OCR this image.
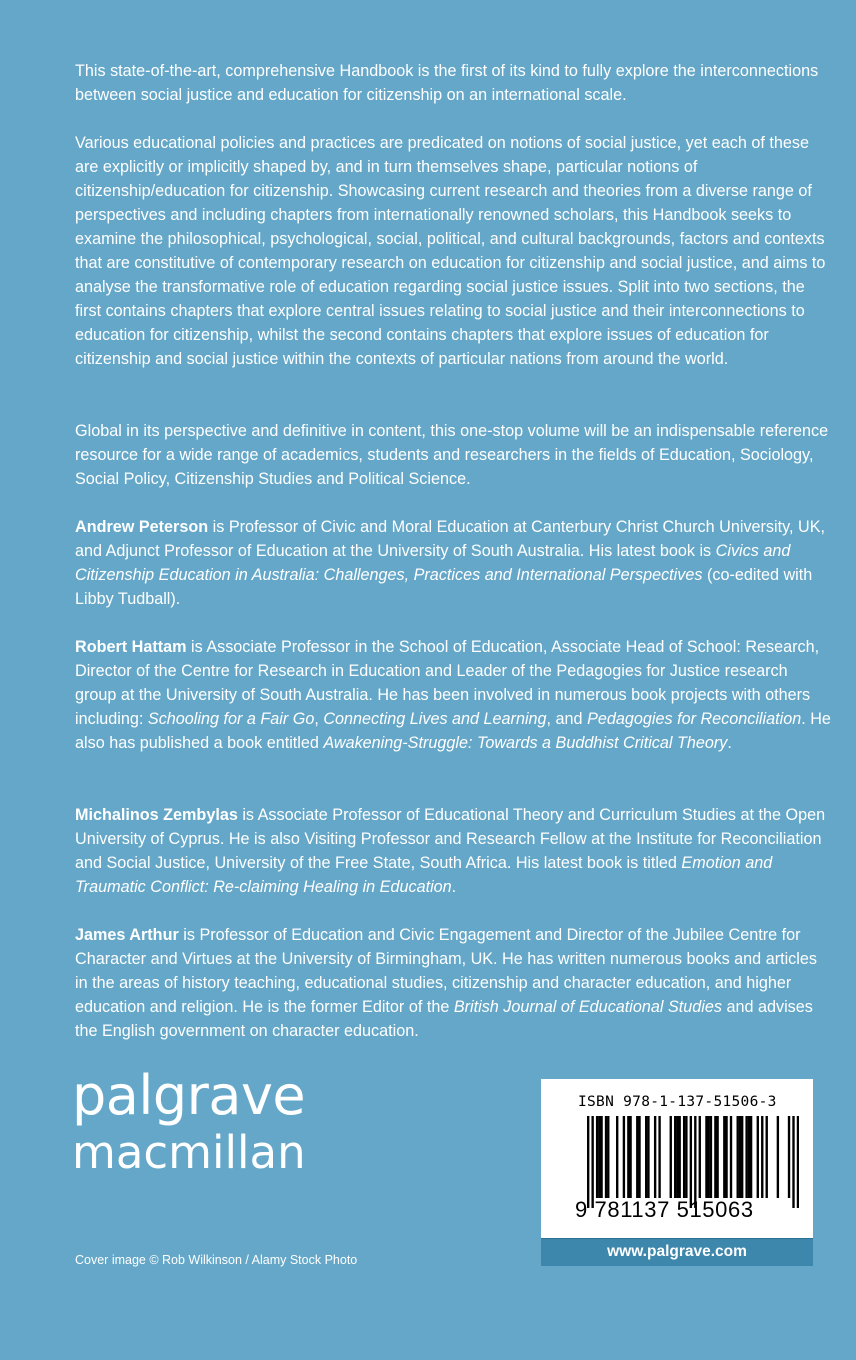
This state-of-the-art, comprehensive Handbook is the first of its kind to fully explore the interconnections between social justice and education for citizenship on an international scale.

Various educational policies and practices are predicated on notions of social justice, yet each of these are explicitly or implicitly shaped by, and in turn themselves shape, particular notions of citizenship/education for citizenship. Showcasing current research and theories from a diverse range of perspectives and including chapters from internationally renowned scholars, this Handbook seeks to examine the philosophical, psychological, social, political, and cultural backgrounds, factors and contexts that are constitutive of contemporary research on education for citizenship and social justice, and aims to analyse the transformative role of education regarding social justice issues. Split into two sections, the first contains chapters that explore central issues relating to social justice and their interconnections to education for citizenship, whilst the second contains chapters that explore issues of education for citizenship and social justice within the contexts of particular nations from around the world.

Global in its perspective and definitive in content, this one-stop volume will be an indispensable reference resource for a wide range of academics, students and researchers in the fields of Education, Sociology, Social Policy, Citizenship Studies and Political Science.

Andrew Peterson is Professor of Civic and Moral Education at Canterbury Christ Church University, UK, and Adjunct Professor of Education at the University of South Australia. His latest book is Civics and Citizenship Education in Australia: Challenges, Practices and International Perspectives (co-edited with Libby Tudball).

Robert Hattam is Associate Professor in the School of Education, Associate Head of School: Research, Director of the Centre for Research in Education and Leader of the Pedagogies for Justice research group at the University of South Australia. He has been involved in numerous book projects with others including: Schooling for a Fair Go, Connecting Lives and Learning, and Pedagogies for Reconciliation. He also has published a book entitled Awakening-Struggle: Towards a Buddhist Critical Theory.

Michalinos Zembylas is Associate Professor of Educational Theory and Curriculum Studies at the Open University of Cyprus. He is also Visiting Professor and Research Fellow at the Institute for Reconciliation and Social Justice, University of the Free State, South Africa. His latest book is titled Emotion and Traumatic Conflict: Re-claiming Healing in Education.

James Arthur is Professor of Education and Civic Engagement and Director of the Jubilee Centre for Character and Virtues at the University of Birmingham, UK. He has written numerous books and articles in the areas of history teaching, educational studies, citizenship and character education, and higher education and religion. He is the former Editor of the British Journal of Educational Studies and advises the English government on character education.

palgrave
macmillan
Cover image © Rob Wilkinson / Alamy Stock Photo
ISBN 978-1-137-51506-3
9 781137 515063
www.palgrave.com
